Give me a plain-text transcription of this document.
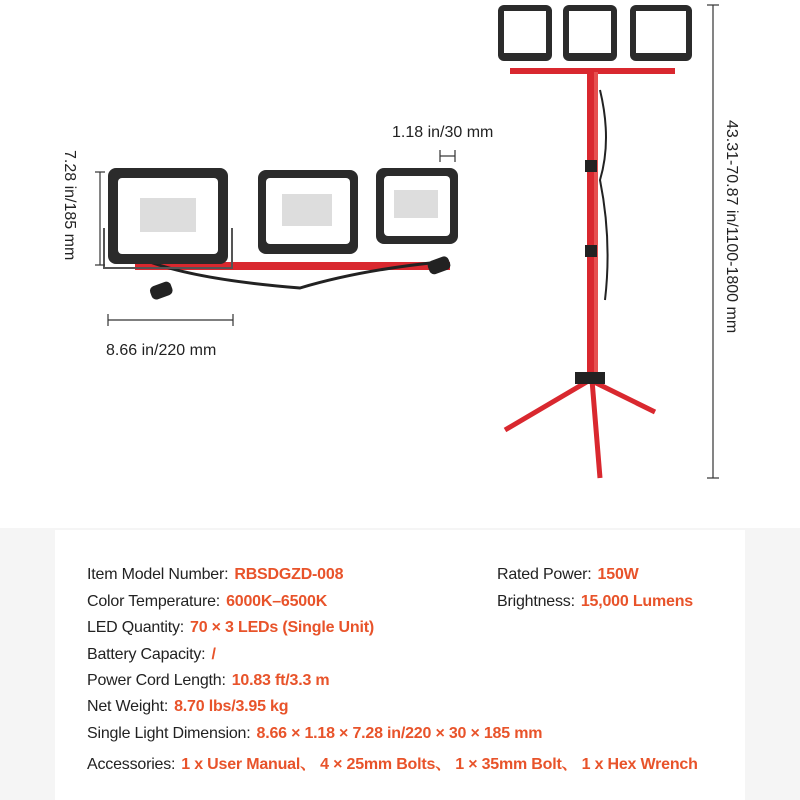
1.18 in/30 mm
7.28 in/185 mm
8.66 in/220 mm
43.31-70.87 in/1100-1800 mm
Item Model Number: RBSDGZD-008
Color Temperature: 6000K–6500K
LED Quantity: 70 × 3 LEDs (Single Unit)
Battery Capacity: /
Power Cord Length: 10.83 ft/3.3 m
Net Weight: 8.70 lbs/3.95 kg
Single Light Dimension: 8.66 × 1.18 × 7.28 in/220 × 30 × 185 mm
Accessories: 1 x User Manual、 4 × 25mm Bolts、 1 × 35mm Bolt、 1 x Hex Wrench
Rated Power: 150W
Brightness: 15,000 Lumens
